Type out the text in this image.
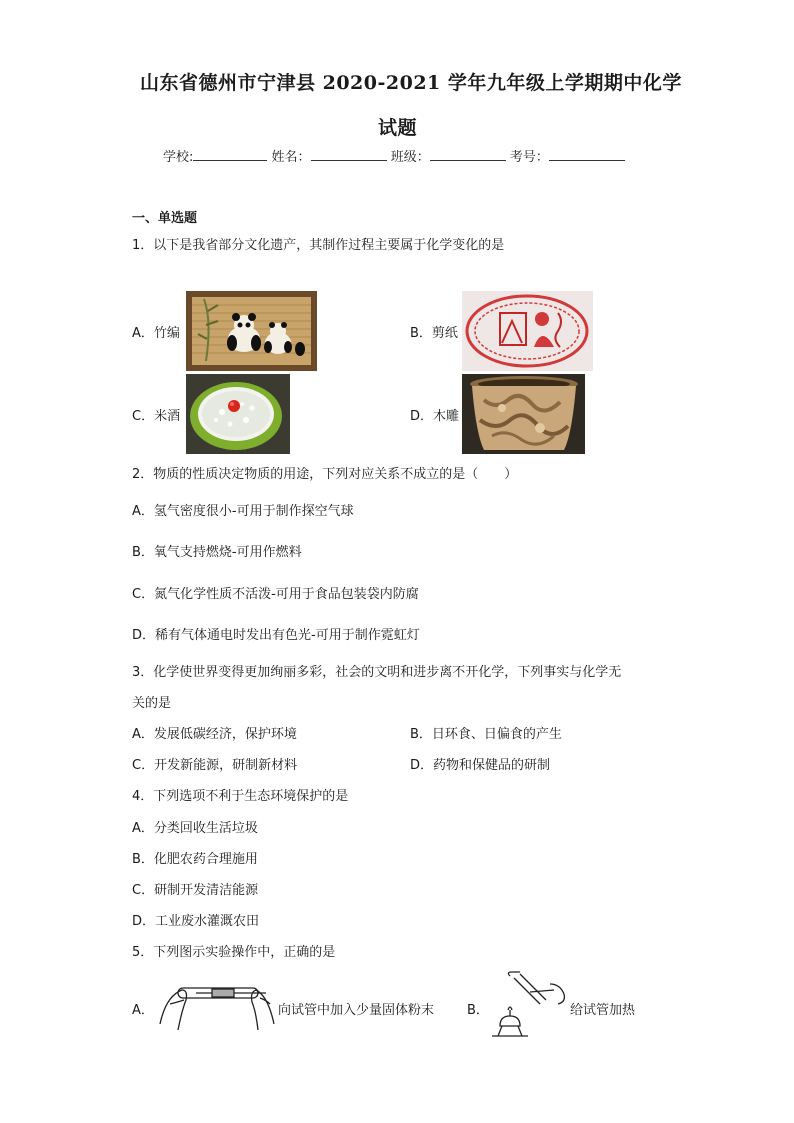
山东省德州市宁津县 2020-2021 学年九年级上学期期中化学
试题
学校:	姓名：	班级：	考号：
一、单选题
1．以下是我省部分文化遗产，其制作过程主要属于化学变化的是
A．竹编	B．剪纸
C．米酒	D．木雕
2．物质的性质决定物质的用途，下列对应关系不成立的是（　　）
A．氢气密度很小-可用于制作探空气球
B．氧气支持燃烧-可用作燃料
C．氮气化学性质不活泼-可用于食品包装袋内防腐
D．稀有气体通电时发出有色光-可用于制作霓虹灯
3．化学使世界变得更加绚丽多彩，社会的文明和进步离不开化学，下列事实与化学无
关的是
A．发展低碳经济，保护环境	B．日环食、日偏食的产生
C．开发新能源，研制新材料	D．药物和保健品的研制
4．下列选项不利于生态环境保护的是
A．分类回收生活垃圾
B．化肥农药合理施用
C．研制开发清洁能源
D．工业废水灌溉农田
5．下列图示实验操作中，正确的是
A．	向试管中加入少量固体粉末	B．	给试管加热
